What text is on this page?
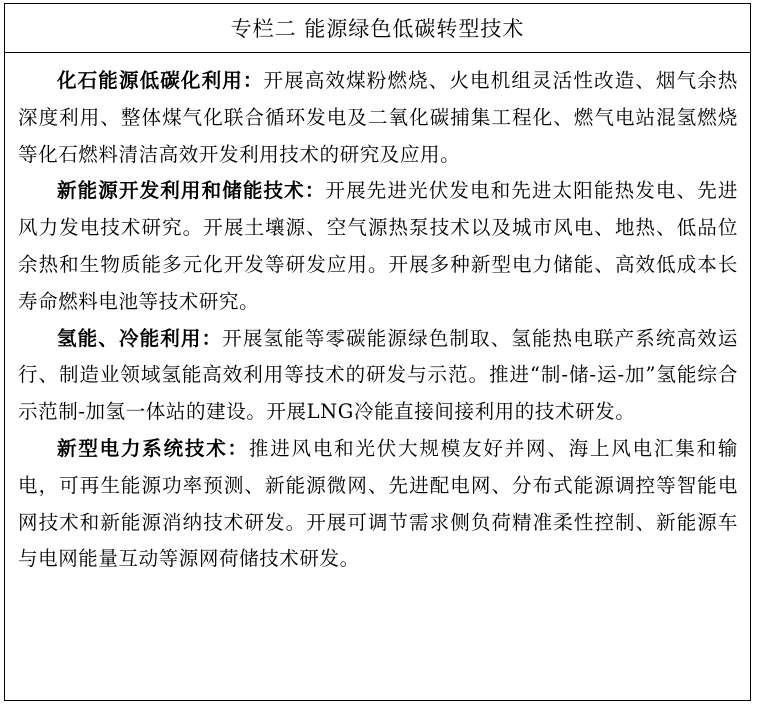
专栏二 能源绿色低碳转型技术

化石能源低碳化利用：开展高效煤粉燃烧、火电机组灵活性改造、烟气余热深度利用、整体煤气化联合循环发电及二氧化碳捕集工程化、燃气电站混氢燃烧等化石燃料清洁高效开发利用技术的研究及应用。

新能源开发利用和储能技术：开展先进光伏发电和先进太阳能热发电、先进风力发电技术研究。开展土壤源、空气源热泵技术以及城市风电、地热、低品位余热和生物质能多元化开发等研发应用。开展多种新型电力储能、高效低成本长寿命燃料电池等技术研究。

氢能、冷能利用：开展氢能等零碳能源绿色制取、氢能热电联产系统高效运行、制造业领域氢能高效利用等技术的研发与示范。推进“制-储-运-加”氢能综合示范制-加氢一体站的建设。开展LNG冷能直接间接利用的技术研发。

新型电力系统技术：推进风电和光伏大规模友好并网、海上风电汇集和输电，可再生能源功率预测、新能源微网、先进配电网、分布式能源调控等智能电网技术和新能源消纳技术研发。开展可调节需求侧负荷精准柔性控制、新能源车与电网能量互动等源网荷储技术研发。
